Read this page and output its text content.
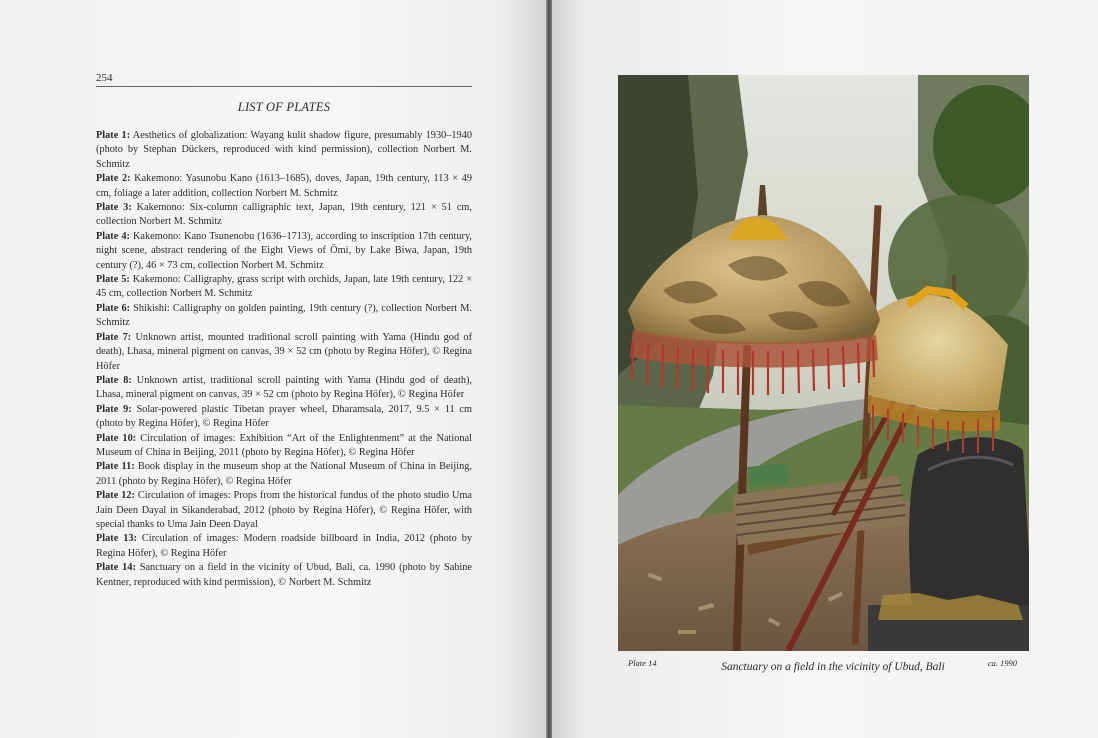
254
LIST OF PLATES

Plate 1: Aesthetics of globalization: Wayang kulit shadow figure, presumably 1930–1940 (photo by Stephan Dückers, reproduced with kind permission), collection Norbert M. Schmitz

Plate 2: Kakemono: Yasunobu Kano (1613–1685), doves, Japan, 19th century, 113 × 49 cm, foliage a later addition, collection Norbert M. Schmitz

Plate 3: Kakemono: Six-column calligraphic text, Japan, 19th century, 121 × 51 cm, collection Norbert M. Schmitz

Plate 4: Kakemono: Kano Tsunenobu (1636–1713), according to inscription 17th century, night scene, abstract rendering of the Eight Views of Ōmi, by Lake Biwa, Japan, 19th century (?), 46 × 73 cm, collection Norbert M. Schmitz

Plate 5: Kakemono: Calligraphy, grass script with orchids, Japan, late 19th century, 122 × 45 cm, collection Norbert M. Schmitz

Plate 6: Shikishi: Calligraphy on golden painting, 19th century (?), collection Norbert M. Schmitz

Plate 7: Unknown artist, mounted traditional scroll painting with Yama (Hindu god of death), Lhasa, mineral pigment on canvas, 39 × 52 cm (photo by Regina Höfer), © Regina Höfer

Plate 8: Unknown artist, traditional scroll painting with Yama (Hindu god of death), Lhasa, mineral pigment on canvas, 39 × 52 cm (photo by Regina Höfer), © Regina Höfer

Plate 9: Solar-powered plastic Tibetan prayer wheel, Dharamsala, 2017, 9.5 × 11 cm (photo by Regina Höfer), © Regina Höfer

Plate 10: Circulation of images: Exhibition “Art of the Enlightenment” at the National Museum of China in Beijing, 2011 (photo by Regina Höfer), © Regina Höfer

Plate 11: Book display in the museum shop at the National Museum of China in Beijing, 2011 (photo by Regina Höfer), © Regina Höfer

Plate 12: Circulation of images: Props from the historical fundus of the photo studio Uma Jain Deen Dayal in Sikanderabad, 2012 (photo by Regina Höfer), © Regina Höfer, with special thanks to Uma Jain Deen Dayal

Plate 13: Circulation of images: Modern roadside billboard in India, 2012 (photo by Regina Höfer), © Regina Höfer

Plate 14: Sanctuary on a field in the vicinity of Ubud, Bali, ca. 1990 (photo by Sabine Kentner, reproduced with kind permission), © Norbert M. Schmitz

Plate 14	Sanctuary on a field in the vicinity of Ubud, Bali	ca. 1990
